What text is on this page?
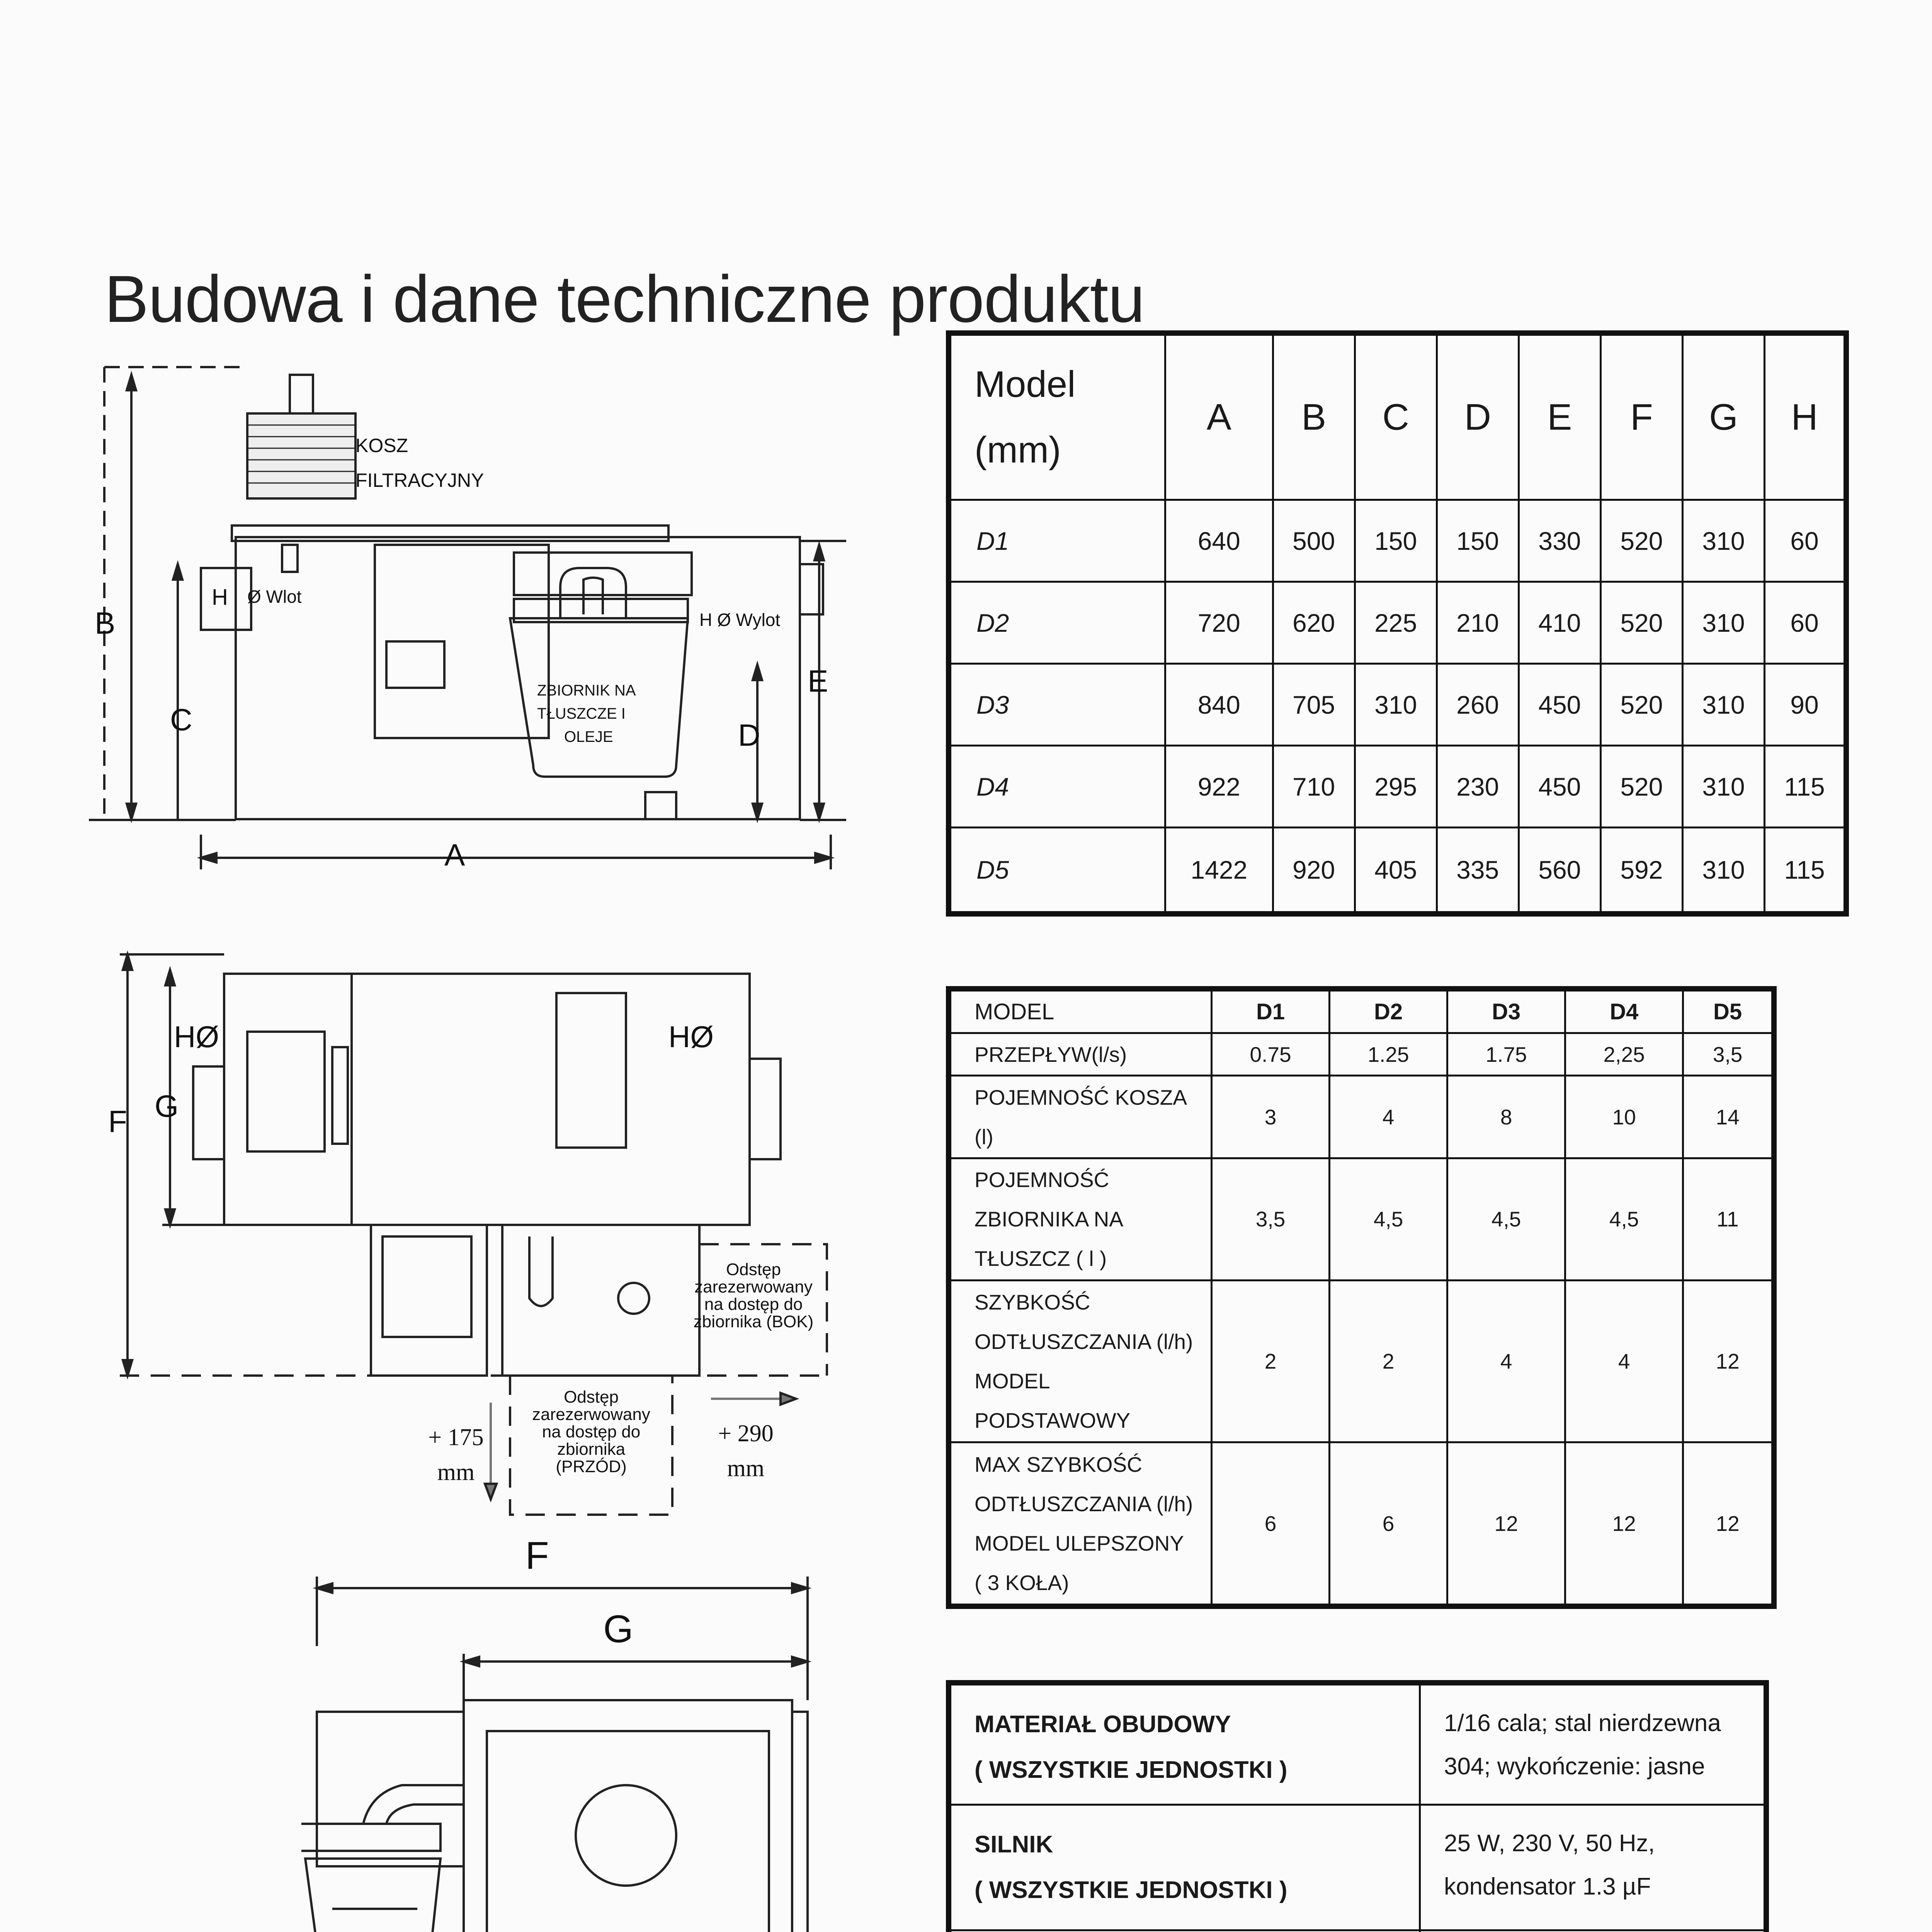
Budowa i dane techniczne produktu
KOSZ
FILTRACYJNY
H Ø Wlot
H Ø Wylot
ZBIORNIK NA
TŁUSZCZE I
OLEJE
B
C	D
E
A
F G
HØ	HØ
Odstęp
zarezerwowany
na dostęp do
zbiornika (BOK)
Odstęp
zarezerwowany
na dostęp do
zbiornika
(PRZÓD)
+ 175
mm
+ 290
mm
F
G
Model
(mm)	A	B	C	D	E	F	G	H
D1	640	500	150	150	330	520	310	60
D2	720	620	225	210	410	520	310	60
D3	840	705	310	260	450	520	310	90
D4	922	710	295	230	450	520	310	115
D5	1422	920	405	335	560	592	310	115
MODEL	D1	D2	D3	D4	D5
PRZEPŁYW(l/s)	0.75	1.25	1.75	2,25	3,5
POJEMNOŚĆ KOSZA (l)	3	4	8	10	14
POJEMNOŚĆ
ZBIORNIKA NA
TŁUSZCZ ( l )	3,5	4,5	4,5	4,5	11
SZYBKOŚĆ
ODTŁUSZCZANIA (l/h)
MODEL PODSTAWOWY	2	2	4	4	12
MAX SZYBKOŚĆ
ODTŁUSZCZANIA (l/h)
MODEL ULEPSZONY
( 3 KOŁA)	6	6	12	12	12
MATERIAŁ OBUDOWY
( WSZYSTKIE JEDNOSTKI )	1/16 cala; stal nierdzewna
304; wykończenie: jasne

SILNIK
( WSZYSTKIE JEDNOSTKI )	25 W, 230 V, 50 Hz,
kondensator 1.3 µF
